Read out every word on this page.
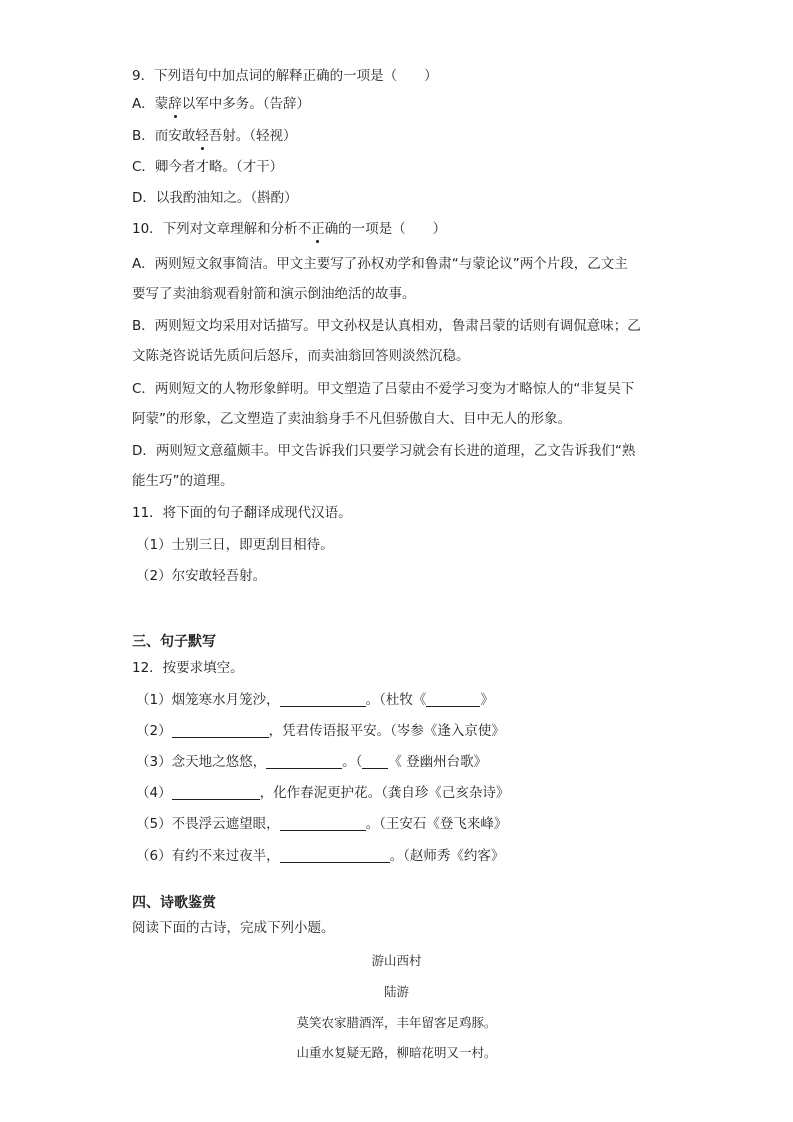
9．下列语句中加点词的解释正确的一项是（　　）
A．蒙辞以军中多务。（告辞）
B．而安敢轻吾射。（轻视）
C．卿今者才略。（才干）
D．以我酌油知之。（斟酌）
10．下列对文章理解和分析不正确的一项是（　　）
A．两则短文叙事简洁。甲文主要写了孙权劝学和鲁肃“与蒙论议”两个片段，乙文主
要写了卖油翁观看射箭和演示倒油绝活的故事。
B．两则短文均采用对话描写。甲文孙权是认真相劝，鲁肃吕蒙的话则有调侃意味；乙
文陈尧咨说话先质问后怒斥，而卖油翁回答则淡然沉稳。
C．两则短文的人物形象鲜明。甲文塑造了吕蒙由不爱学习变为才略惊人的“非复吴下
阿蒙”的形象，乙文塑造了卖油翁身手不凡但骄傲自大、目中无人的形象。
D．两则短文意蕴颇丰。甲文告诉我们只要学习就会有长进的道理，乙文告诉我们“熟
能生巧”的道理。
11．将下面的句子翻译成现代汉语。
（1）士别三日，即更刮目相待。
（2）尔安敢轻吾射。
三、句子默写
12．按要求填空。
（1）烟笼寒水月笼沙，	。（杜牧《	》
（2）	，凭君传语报平安。（岑参《逢入京使》
（3）念天地之悠悠，	。（ 《 登幽州台歌》
（4）	，化作春泥更护花。（龚自珍《己亥杂诗》
（5）不畏浮云遮望眼，	。（王安石《登飞来峰》
（6）有约不来过夜半，	。（赵师秀《约客》
四、诗歌鉴赏
阅读下面的古诗，完成下列小题。
游山西村
陆游
莫笑农家腊酒浑，丰年留客足鸡豚。
山重水复疑无路，柳暗花明又一村。
